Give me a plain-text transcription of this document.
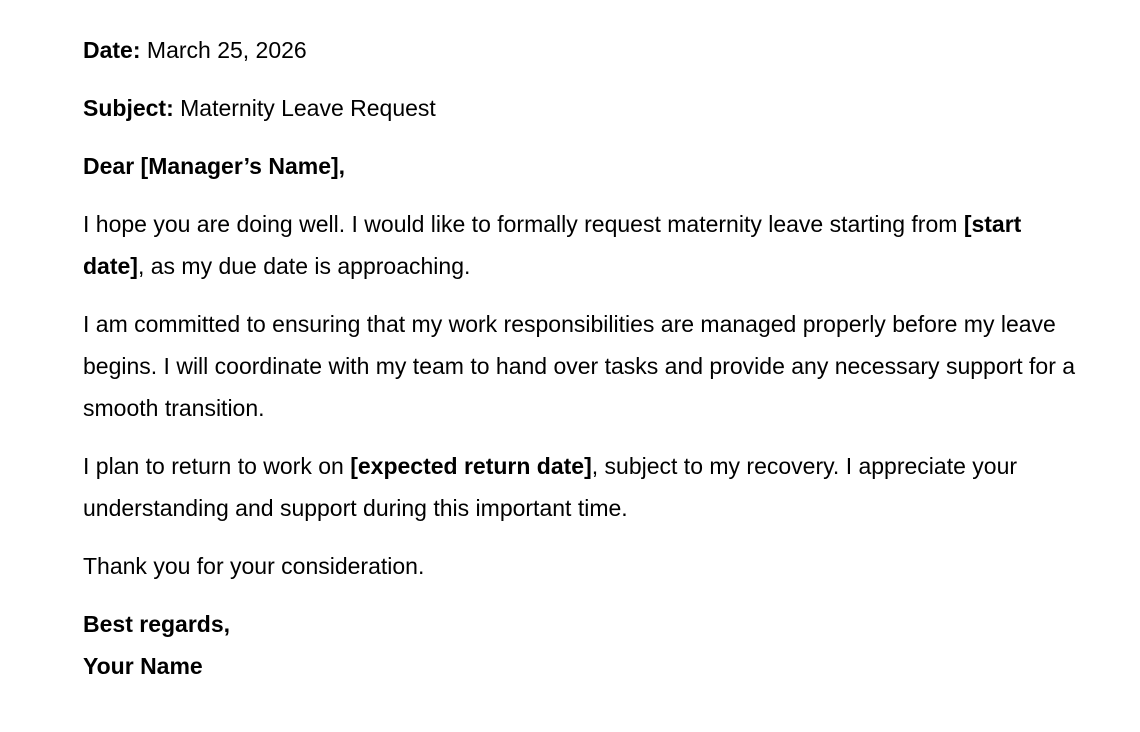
Date: March 25, 2026

Subject: Maternity Leave Request

Dear [Manager’s Name],

I hope you are doing well. I would like to formally request maternity leave starting from [start date], as my due date is approaching.

I am committed to ensuring that my work responsibilities are managed properly before my leave begins. I will coordinate with my team to hand over tasks and provide any necessary support for a smooth transition.

I plan to return to work on [expected return date], subject to my recovery. I appreciate your understanding and support during this important time.

Thank you for your consideration.

Best regards,

Your Name
